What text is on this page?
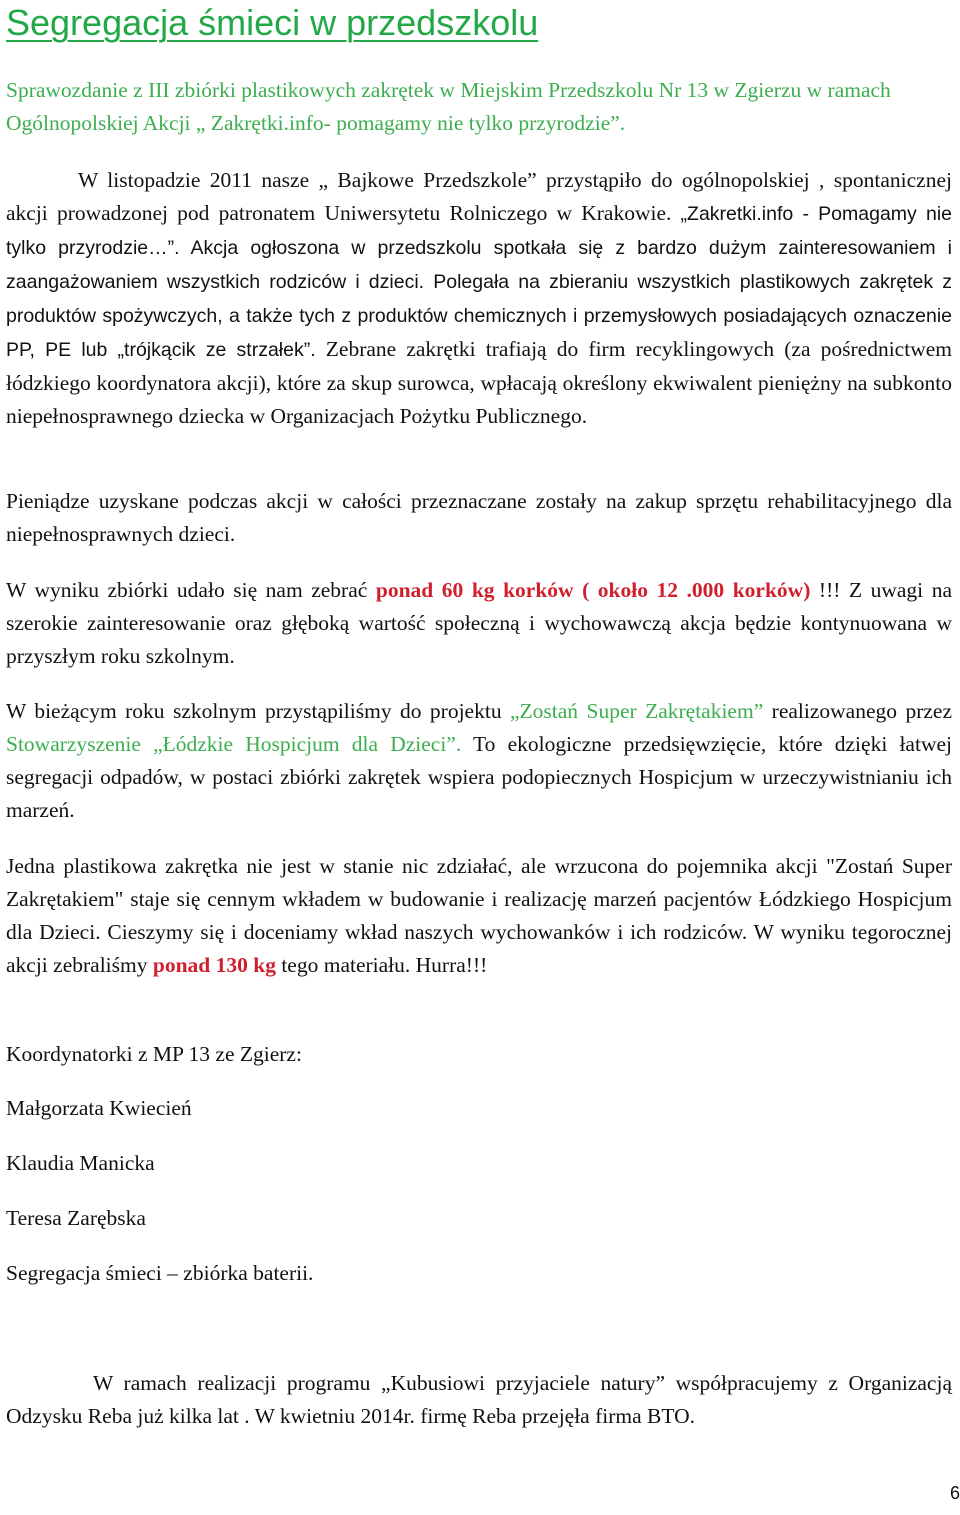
Segregacja śmieci w przedszkolu

Sprawozdanie z III zbiórki plastikowych zakrętek w Miejskim Przedszkolu Nr 13 w Zgierzu w ramach Ogólnopolskiej Akcji „ Zakrętki.info- pomagamy nie tylko przyrodzie”.

W listopadzie 2011 nasze „ Bajkowe Przedszkole” przystąpiło do ogólnopolskiej , spontanicznej akcji prowadzonej pod patronatem Uniwersytetu Rolniczego w Krakowie. „Zakretki.info - Pomagamy nie tylko przyrodzie…”. Akcja ogłoszona w przedszkolu spotkała się z bardzo dużym zainteresowaniem i zaangażowaniem wszystkich rodziców i dzieci. Polegała na zbieraniu wszystkich plastikowych zakrętek z produktów spożywczych, a także tych z produktów chemicznych i przemysłowych posiadających oznaczenie PP, PE lub „trójkącik ze strzałek”. Zebrane zakrętki trafiają do firm recyklingowych (za pośrednictwem łódzkiego koordynatora akcji), które za skup surowca, wpłacają określony ekwiwalent pieniężny na subkonto niepełnosprawnego dziecka w Organizacjach Pożytku Publicznego.

Pieniądze uzyskane podczas akcji w całości przeznaczane zostały na zakup sprzętu rehabilitacyjnego dla niepełnosprawnych dzieci.

W wyniku zbiórki udało się nam zebrać ponad 60 kg korków ( około 12 .000 korków) !!! Z uwagi na szerokie zainteresowanie oraz głęboką wartość społeczną i wychowawczą akcja będzie kontynuowana w przyszłym roku szkolnym.

W bieżącym roku szkolnym przystąpiliśmy do projektu „Zostań Super Zakrętakiem” realizowanego przez Stowarzyszenie „Łódzkie Hospicjum dla Dzieci”. To ekologiczne przedsięwzięcie, które dzięki łatwej segregacji odpadów, w postaci zbiórki zakrętek wspiera podopiecznych Hospicjum w urzeczywistnianiu ich marzeń.

Jedna plastikowa zakrętka nie jest w stanie nic zdziałać, ale wrzucona do pojemnika akcji "Zostań Super Zakrętakiem" staje się cennym wkładem w budowanie i realizację marzeń pacjentów Łódzkiego Hospicjum dla Dzieci. Cieszymy się i doceniamy wkład naszych wychowanków i ich rodziców. W wyniku tegorocznej akcji zebraliśmy ponad 130 kg tego materiału. Hurra!!!

Koordynatorki z MP 13 ze Zgierz:

Małgorzata Kwiecień

Klaudia Manicka

Teresa Zarębska

Segregacja śmieci – zbiórka baterii.

W ramach realizacji programu „Kubusiowi przyjaciele natury” współpracujemy z Organizacją Odzysku Reba już kilka lat . W kwietniu 2014r. firmę Reba przejęła firma BTO.

6
